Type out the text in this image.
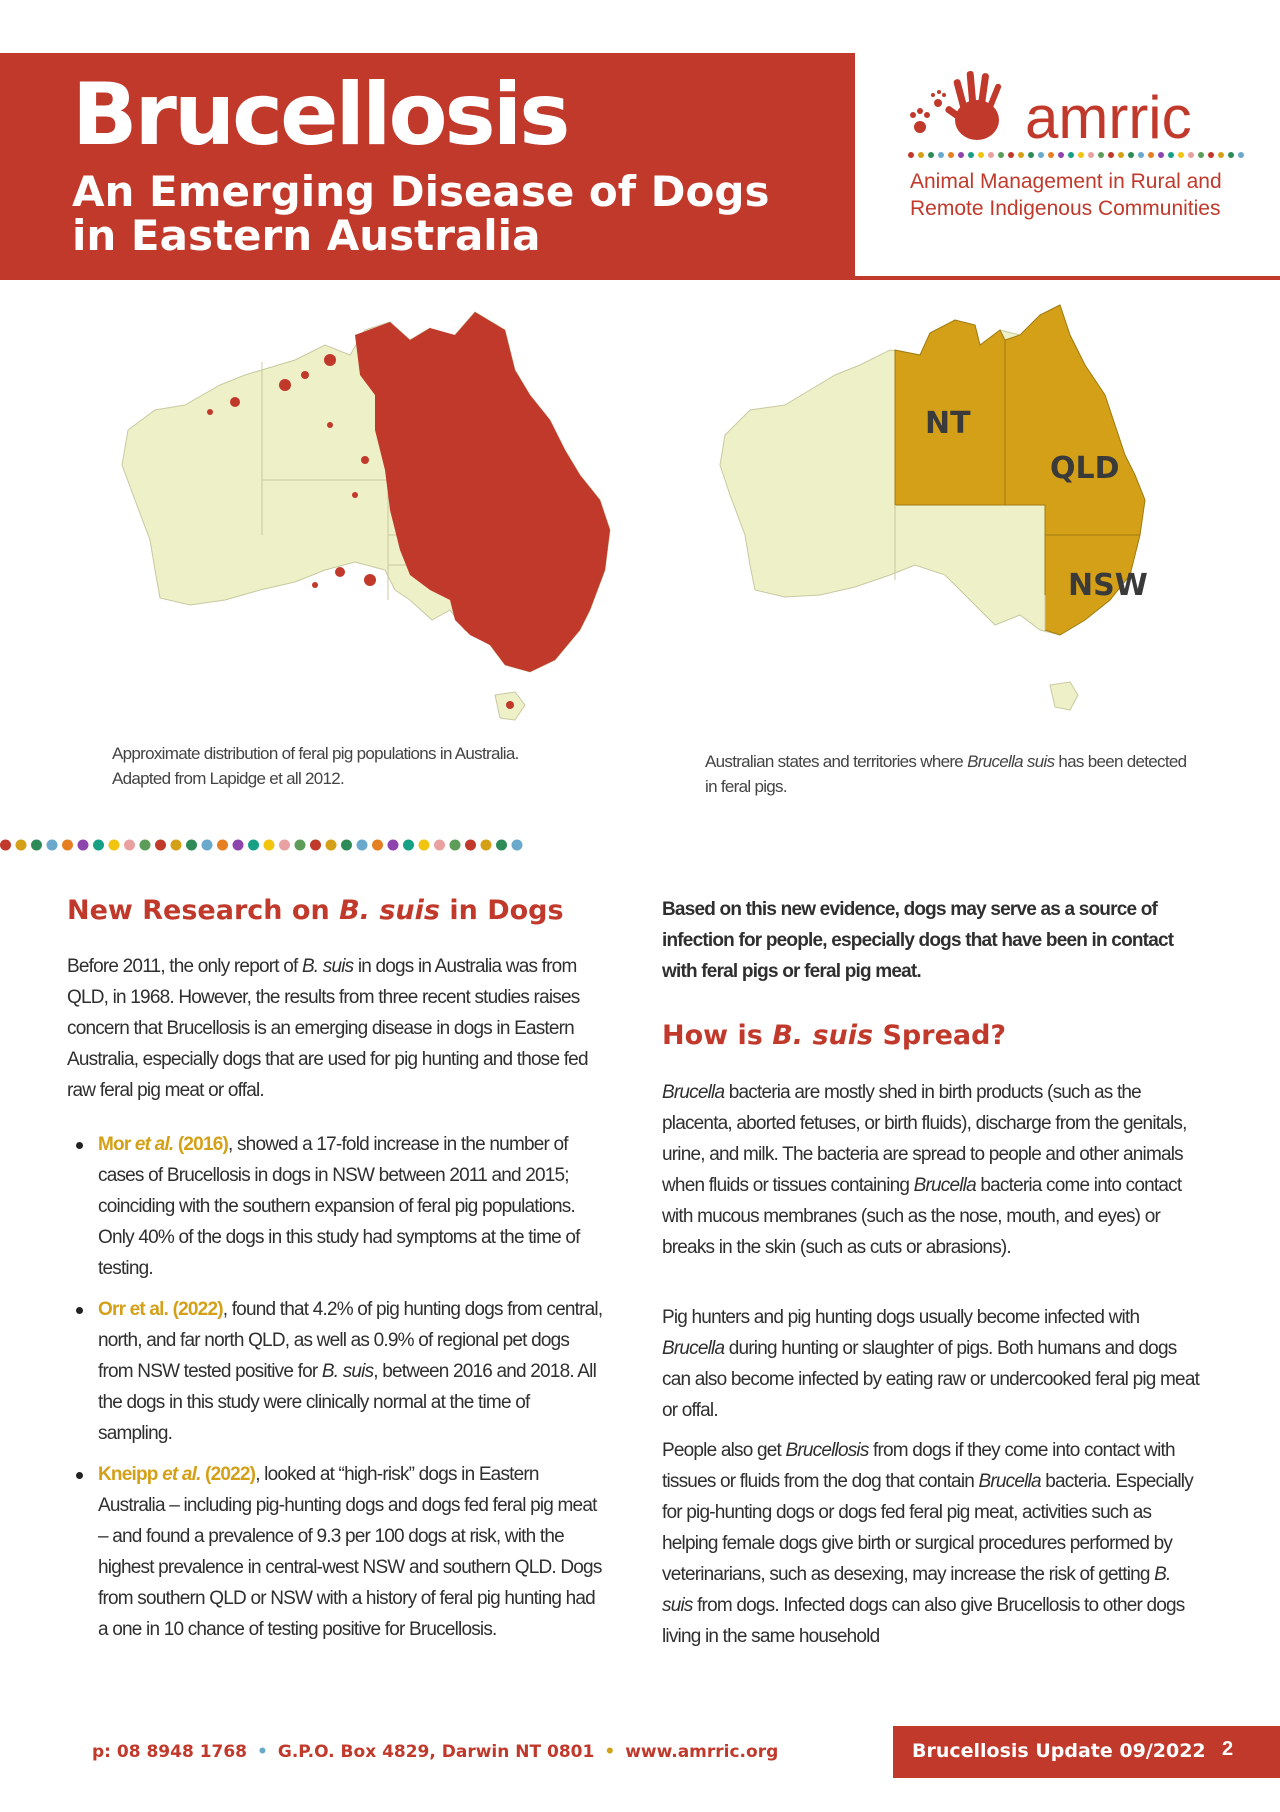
Brucellosis
An Emerging Disease of Dogs in Eastern Australia
amrric
Animal Management in Rural and
Remote Indigenous Communities
Approximate distribution of feral pig populations in Australia. Adapted from Lapidge et all 2012.
NT
QLD
NSW
Australian states and territories where Brucella suis has been detected in feral pigs.
New Research on B. suis in Dogs

Before 2011, the only report of B. suis in dogs in Australia was from QLD, in 1968. However, the results from three recent studies raises concern that Brucellosis is an emerging disease in dogs in Eastern Australia, especially dogs that are used for pig hunting and those fed raw feral pig meat or offal.

Mor et al. (2016), showed a 17-fold increase in the number of cases of Brucellosis in dogs in NSW between 2011 and 2015; coinciding with the southern expansion of feral pig populations. Only 40% of the dogs in this study had symptoms at the time of testing.
Orr et al. (2022), found that 4.2% of pig hunting dogs from central, north, and far north QLD, as well as 0.9% of regional pet dogs from NSW tested positive for B. suis, between 2016 and 2018. All the dogs in this study were clinically normal at the time of sampling.
Kneipp et al. (2022), looked at “high-risk” dogs in Eastern Australia – including pig-hunting dogs and dogs fed feral pig meat – and found a prevalence of 9.3 per 100 dogs at risk, with the highest prevalence in central-west NSW and southern QLD. Dogs from southern QLD or NSW with a history of feral pig hunting had a one in 10 chance of testing positive for Brucellosis.

Based on this new evidence, dogs may serve as a source of infection for people, especially dogs that have been in contact with feral pigs or feral pig meat.

How is B. suis Spread?

Brucella bacteria are mostly shed in birth products (such as the placenta, aborted fetuses, or birth fluids), discharge from the genitals, urine, and milk. The bacteria are spread to people and other animals when fluids or tissues containing Brucella bacteria come into contact with mucous membranes (such as the nose, mouth, and eyes) or breaks in the skin (such as cuts or abrasions).

Pig hunters and pig hunting dogs usually become infected with Brucella during hunting or slaughter of pigs. Both humans and dogs can also become infected by eating raw or undercooked feral pig meat or offal.

People also get Brucellosis from dogs if they come into contact with tissues or fluids from the dog that contain Brucella bacteria. Especially for pig-hunting dogs or dogs fed feral pig meat, activities such as helping female dogs give birth or surgical procedures performed by veterinarians, such as desexing, may increase the risk of getting B. suis from dogs. Infected dogs can also give Brucellosis to other dogs living in the same household

p: 08 8948 1768 • G.P.O. Box 4829, Darwin NT 0801 • www.amrric.org	Brucellosis Update 09/2022 2
